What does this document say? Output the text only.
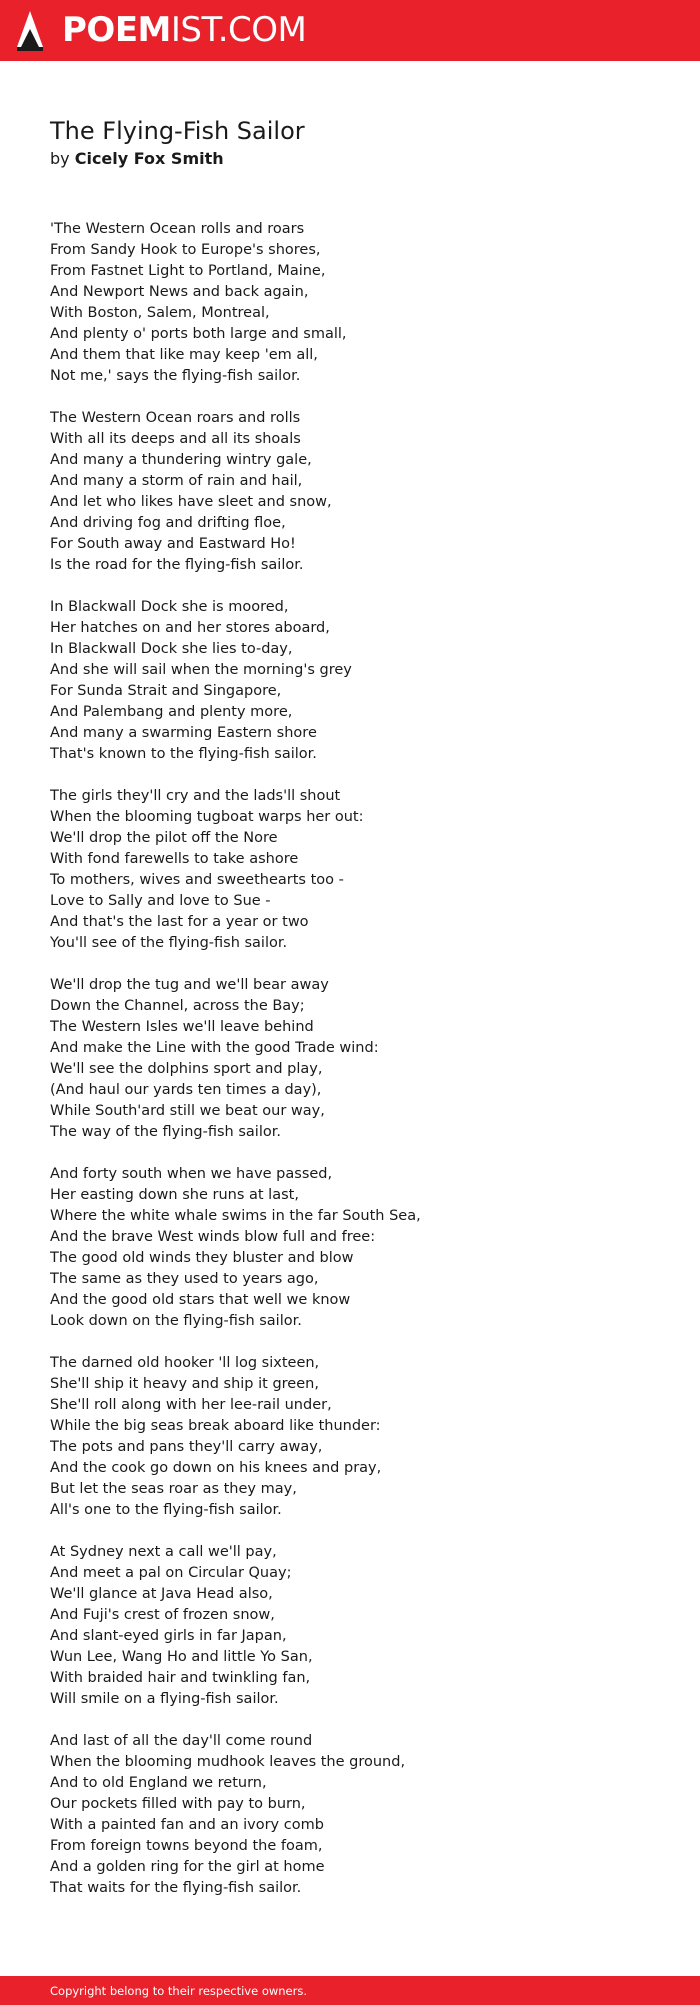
POEMIST.COM
The Flying-Fish Sailor
by Cicely Fox Smith
'The Western Ocean rolls and roars
From Sandy Hook to Europe's shores,
From Fastnet Light to Portland, Maine,
And Newport News and back again,
With Boston, Salem, Montreal,
And plenty o' ports both large and small,
And them that like may keep 'em all,
Not me,' says the flying-fish sailor.
The Western Ocean roars and rolls
With all its deeps and all its shoals
And many a thundering wintry gale,
And many a storm of rain and hail,
And let who likes have sleet and snow,
And driving fog and drifting floe,
For South away and Eastward Ho!
Is the road for the flying-fish sailor.
In Blackwall Dock she is moored,
Her hatches on and her stores aboard,
In Blackwall Dock she lies to-day,
And she will sail when the morning's grey
For Sunda Strait and Singapore,
And Palembang and plenty more,
And many a swarming Eastern shore
That's known to the flying-fish sailor.
The girls they'll cry and the lads'll shout
When the blooming tugboat warps her out:
We'll drop the pilot off the Nore
With fond farewells to take ashore
To mothers, wives and sweethearts too -
Love to Sally and love to Sue -
And that's the last for a year or two
You'll see of the flying-fish sailor.
We'll drop the tug and we'll bear away
Down the Channel, across the Bay;
The Western Isles we'll leave behind
And make the Line with the good Trade wind:
We'll see the dolphins sport and play,
(And haul our yards ten times a day),
While South'ard still we beat our way,
The way of the flying-fish sailor.
And forty south when we have passed,
Her easting down she runs at last,
Where the white whale swims in the far South Sea,
And the brave West winds blow full and free:
The good old winds they bluster and blow
The same as they used to years ago,
And the good old stars that well we know
Look down on the flying-fish sailor.
The darned old hooker 'll log sixteen,
She'll ship it heavy and ship it green,
She'll roll along with her lee-rail under,
While the big seas break aboard like thunder:
The pots and pans they'll carry away,
And the cook go down on his knees and pray,
But let the seas roar as they may,
All's one to the flying-fish sailor.
At Sydney next a call we'll pay,
And meet a pal on Circular Quay;
We'll glance at Java Head also,
And Fuji's crest of frozen snow,
And slant-eyed girls in far Japan,
Wun Lee, Wang Ho and little Yo San,
With braided hair and twinkling fan,
Will smile on a flying-fish sailor.
And last of all the day'll come round
When the blooming mudhook leaves the ground,
And to old England we return,
Our pockets filled with pay to burn,
With a painted fan and an ivory comb
From foreign towns beyond the foam,
And a golden ring for the girl at home
That waits for the flying-fish sailor.
Copyright belong to their respective owners.
